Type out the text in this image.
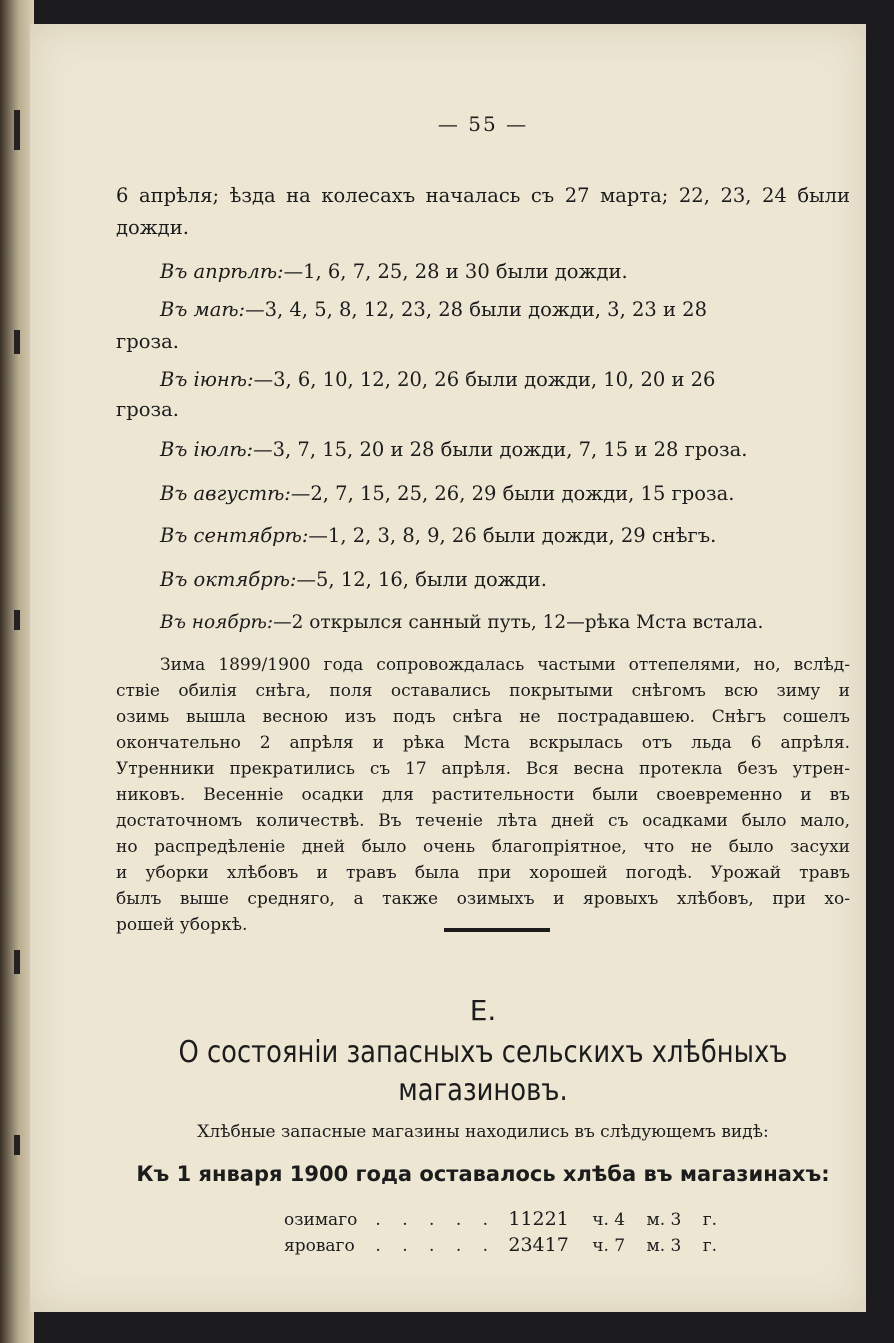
— 55 —
6 апрѣля; ѣзда на колесахъ началась съ 27 марта; 22, 23, 24 были
дожди.
Въ апрѣлѣ:—1, 6, 7, 25, 28 и 30 были дожди.
Въ маѣ:—3, 4, 5, 8, 12, 23, 28 были дожди, 3, 23 и 28
гроза.
Въ іюнѣ:—3, 6, 10, 12, 20, 26 были дожди, 10, 20 и 26
гроза.
Въ іюлѣ:—3, 7, 15, 20 и 28 были дожди, 7, 15 и 28 гроза.
Въ августѣ:—2, 7, 15, 25, 26, 29 были дожди, 15 гроза.
Въ сентябрѣ:—1, 2, 3, 8, 9, 26 были дожди, 29 снѣгъ.
Въ октябрѣ:—5, 12, 16, были дожди.
Въ ноябрѣ:—2 открылся санный путь, 12—рѣка Мста встала.
Зима 1899/1900 года сопровождалась частыми оттепелями, но, вслѣд-
ствіе обилія снѣга, поля оставались покрытыми снѣгомъ всю зиму и
озимь вышла весною изъ подъ снѣга не пострадавшею. Снѣгъ сошелъ
окончательно 2 апрѣля и рѣка Мста вскрылась отъ льда 6 апрѣля.
Утренники прекратились съ 17 апрѣля. Вся весна протекла безъ утрен-
никовъ. Весенніе осадки для растительности были своевременно и въ
достаточномъ количествѣ. Въ теченіе лѣта дней съ осадками было мало,
но распредѣленіе дней было очень благопріятное, что не было засухи
и уборки хлѣбовъ и травъ была при хорошей погодѣ. Урожай травъ
былъ выше средняго, а также озимыхъ и яровыхъ хлѣбовъ, при хо-
рошей уборкѣ.
Е.
О состояніи запасныхъ сельскихъ хлѣбныхъ
магазиновъ.
Хлѣбные запасные магазины находились въ слѣдующемъ видѣ:
Къ 1 января 1900 года оставалось хлѣба въ магазинахъ:
озимаго . . . . . 11221 ч. 4 м. 3 г.
яроваго . . . . . 23417 ч. 7 м. 3 г.
